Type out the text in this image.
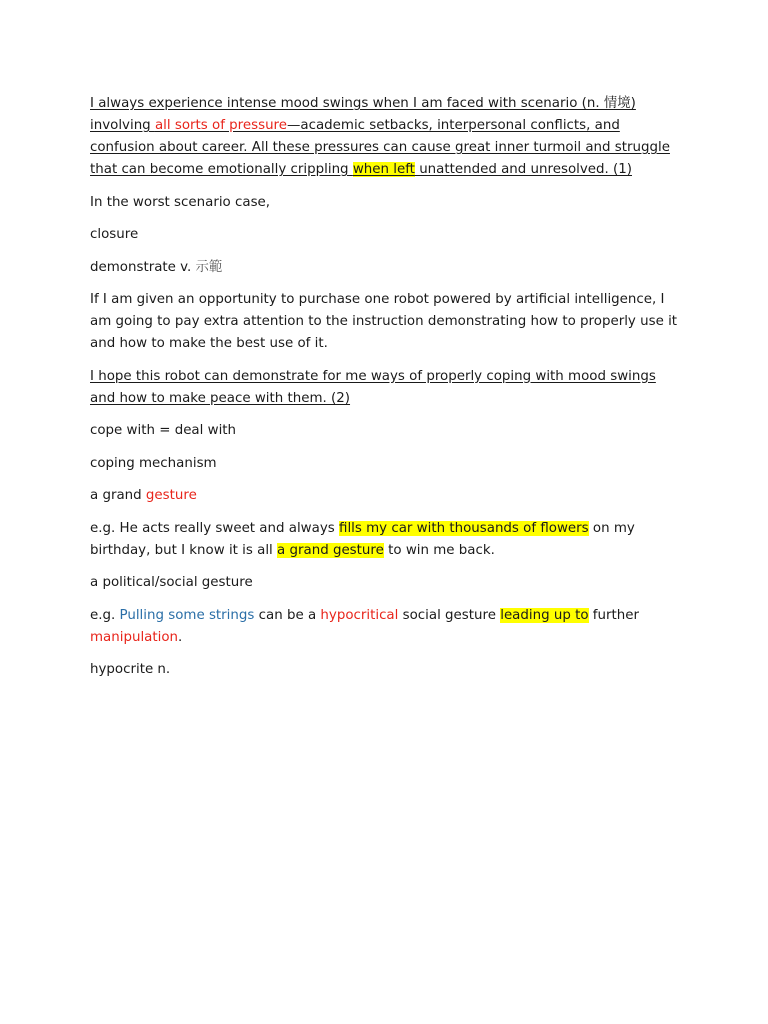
I always experience intense mood swings when I am faced with scenario (n. 情境) involving all sorts of pressure—academic setbacks, interpersonal conflicts, and confusion about career. All these pressures can cause great inner turmoil and struggle that can become emotionally crippling when left unattended and unresolved. (1)

In the worst scenario case,

closure

demonstrate v. 示範

If I am given an opportunity to purchase one robot powered by artificial intelligence, I am going to pay extra attention to the instruction demonstrating how to properly use it and how to make the best use of it.

I hope this robot can demonstrate for me ways of properly coping with mood swings and how to make peace with them. (2)

cope with = deal with

coping mechanism

a grand gesture

e.g. He acts really sweet and always fills my car with thousands of flowers on my birthday, but I know it is all a grand gesture to win me back.

a political/social gesture

e.g. Pulling some strings can be a hypocritical social gesture leading up to further manipulation.

hypocrite n.
